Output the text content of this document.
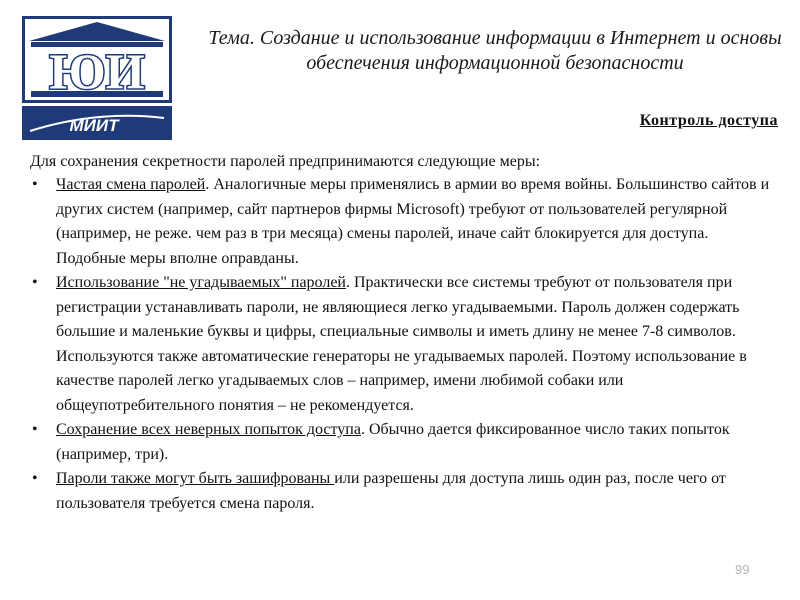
ЮИ
МИИТ
Тема. Создание и использование информации в Интернет и основы обеспечения информационной безопасности
Контроль доступа
Для сохранения секретности паролей предпринимаются следующие меры:
• Частая смена паролей. Аналогичные меры применялись в армии во время войны. Большинство сайтов и других систем (например, сайт партнеров фирмы Microsoft) требуют от пользователей регулярной (например, не реже. чем раз в три месяца) смены паролей, иначе сайт блокируется для доступа. Подобные меры вполне оправданы.
• Использование "не угадываемых" паролей. Практически все системы требуют от пользователя при регистрации устанавливать пароли, не являющиеся легко угадываемыми. Пароль должен содержать большие и маленькие буквы и цифры, специальные символы и иметь длину не менее 7-8 символов. Используются также автоматические генераторы не угадываемых паролей. Поэтому использование в качестве паролей легко угадываемых слов – например, имени любимой собаки или общеупотребительного понятия – не рекомендуется.
• Сохранение всех неверных попыток доступа. Обычно дается фиксированное число таких попыток (например, три).
• Пароли также могут быть зашифрованы или разрешены для доступа лишь один раз, после чего от пользователя требуется смена пароля.
99
